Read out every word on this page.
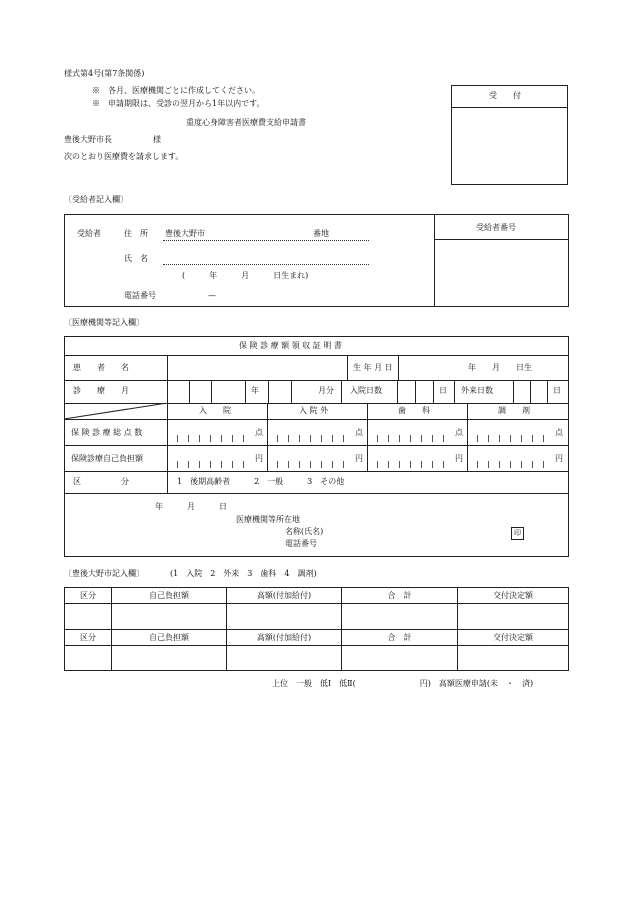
様式第4号(第7条関係)
※　各月、医療機関ごとに作成してください。
※　申請期限は、受診の翌月から1年以内です。
重度心身障害者医療費支給申請書
豊後大野市長	様
次のとおり医療費を請求します。
受　　付
〔受給者記入欄〕
受給者番号
受給者	住　所 豊後大野市	番地
氏　名
(　　　年　　　月　　　日生まれ)
電話番号	—
〔医療機関等記入欄〕
保 険 診 療 額 領 収 証 明 書
患　　者　　名	生 年 月 日	年　　月　　日生
診　　療　　月	年	月分 入院日数	日 外来日数	日
入　　院	入 院 外	歯　　科	調　　剤
保 険 診 療 総 点 数	点	点	点	点
保険診療自己負担額	円	円	円	円
区　　　　　分	1　後期高齢者　　　2　一般　　　3　その他
年　　　月　　　日
医療機関等所在地
名称(氏名)	印
電話番号
〔豊後大野市記入欄〕	(1　入院　2　外来　3　歯科　4　調剤)
区分	自己負担額	高額(付加給付)	合　計	交付決定額

区分	自己負担額	高額(付加給付)	合　計	交付決定額

上位　一般　低Ⅰ　低Ⅱ(　　　　　　　　円)　高額医療申請(未　・　済)
